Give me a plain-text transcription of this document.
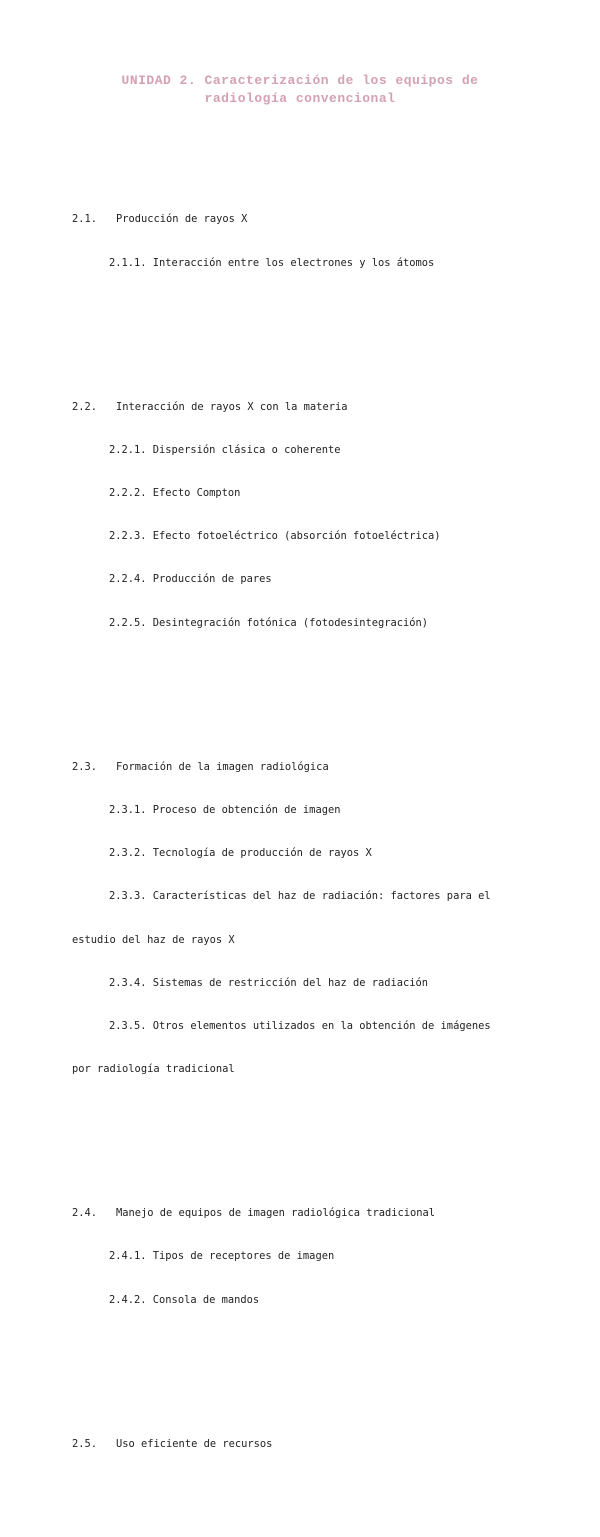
UNIDAD 2. Caracterización de los equipos de
radiología convencional

2.1. Producción de rayos X

2.1.1. Interacción entre los electrones y los átomos

2.2. Interacción de rayos X con la materia

2.2.1. Dispersión clásica o coherente

2.2.2. Efecto Compton

2.2.3. Efecto fotoeléctrico (absorción fotoeléctrica)

2.2.4. Producción de pares

2.2.5. Desintegración fotónica (fotodesintegración)

2.3. Formación de la imagen radiológica

2.3.1. Proceso de obtención de imagen

2.3.2. Tecnología de producción de rayos X

2.3.3. Características del haz de radiación: factores para el

estudio del haz de rayos X

2.3.4. Sistemas de restricción del haz de radiación

2.3.5. Otros elementos utilizados en la obtención de imágenes

por radiología tradicional

2.4. Manejo de equipos de imagen radiológica tradicional

2.4.1. Tipos de receptores de imagen

2.4.2. Consola de mandos

2.5. Uso eficiente de recursos
